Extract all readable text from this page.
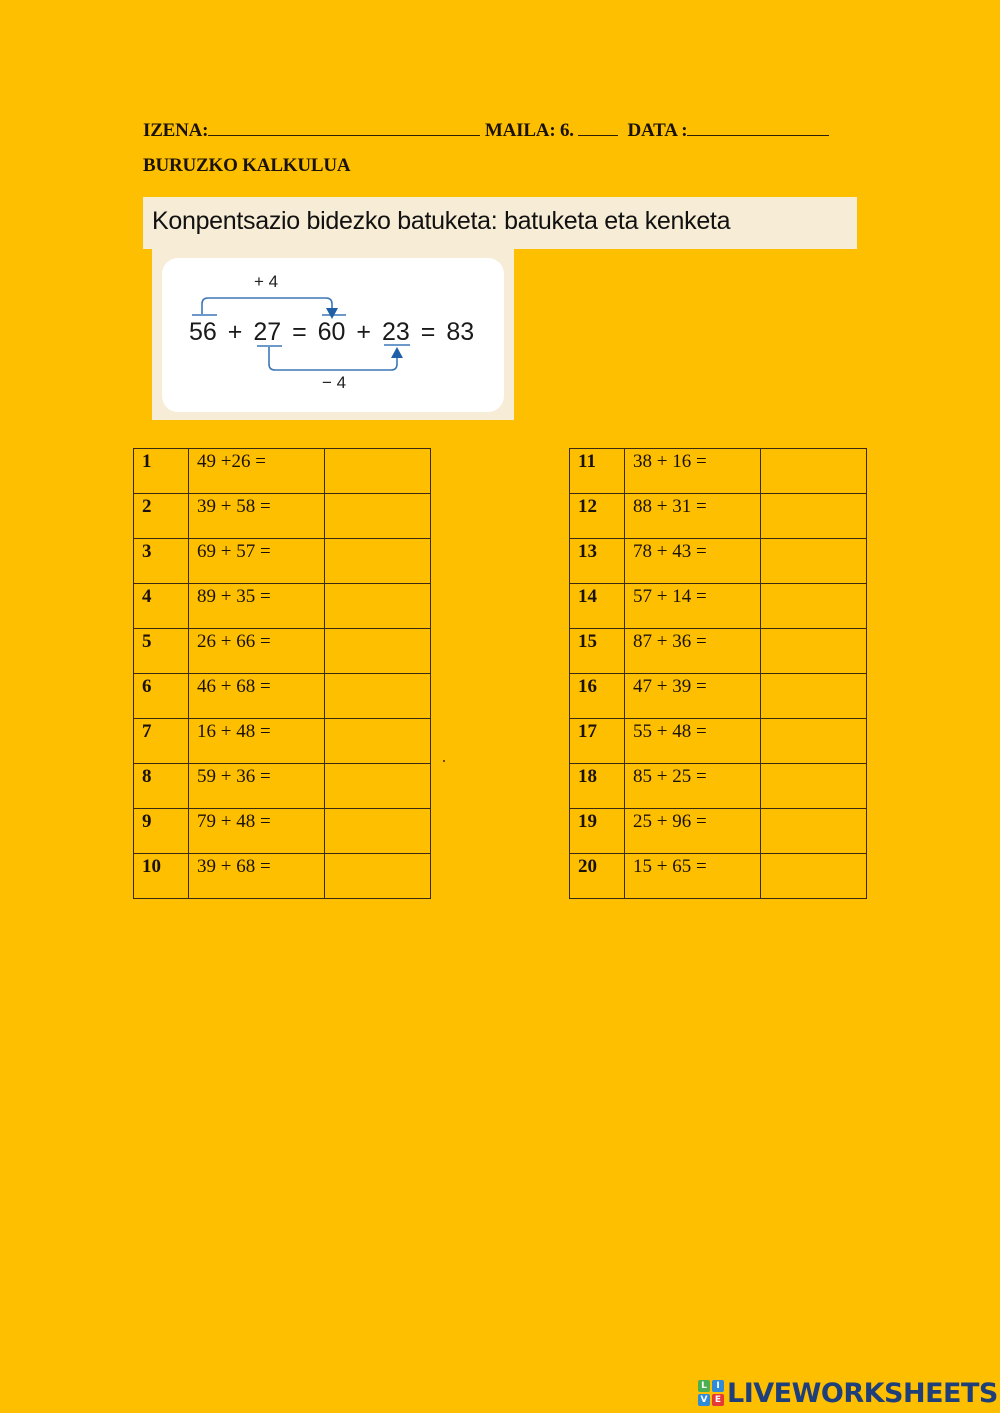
IZENA:	MAILA: 6.	DATA :
BURUZKO KALKULUA
Konpentsazio bidezko batuketa: batuketa eta kenketa
+ 4
− 4
56 + 27 = 60 + 23 = 83
1	49 +26 =	
2	39 + 58 =	
3	69 + 57 =	
4	89 + 35 =	
5	26 + 66 =	
6	46 + 68 =	
7	16 + 48 =	
8	59 + 36 =	
9	79 + 48 =	
10	39 + 68 =	
11	38 + 16 =	
12	88 + 31 =	
13	78 + 43 =	
14	57 + 14 =	
15	87 + 36 =	
16	47 + 39 =	
17	55 + 48 =	
18	85 + 25 =	
19	25 + 96 =	
20	15 + 65 =	
L	I
V E LIVEWORKSHEETS
